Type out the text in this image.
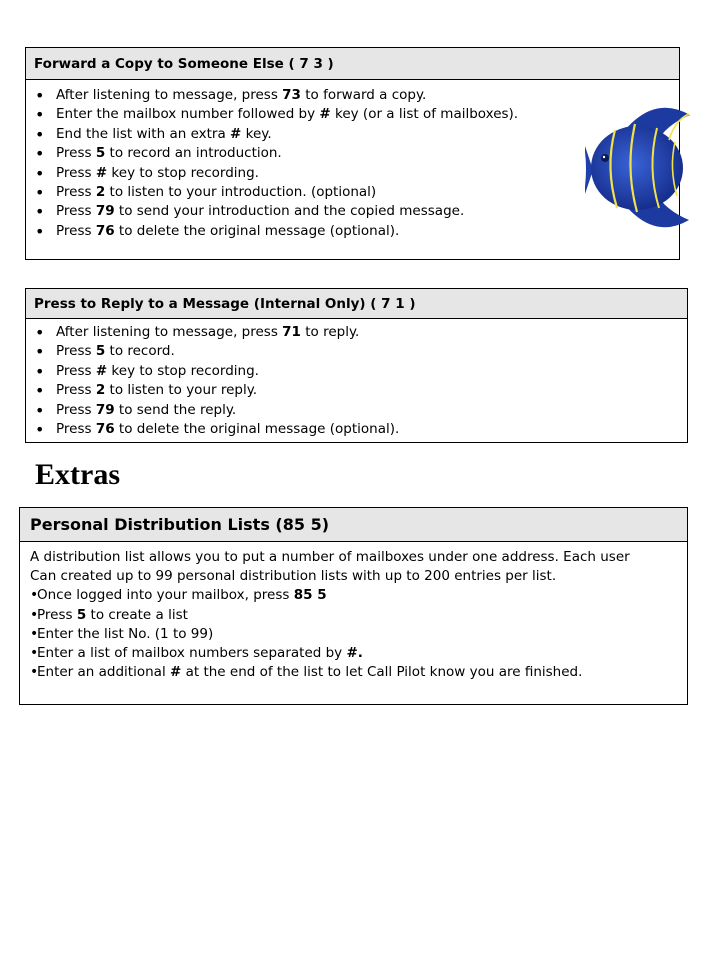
Forward a Copy to Someone Else ( 7 3 )
• After listening to message, press 73 to forward a copy.
• Enter the mailbox number followed by # key (or a list of mailboxes).
• End the list with an extra # key.
• Press 5 to record an introduction.
• Press # key to stop recording.
• Press 2 to listen to your introduction. (optional)
• Press 79 to send your introduction and the copied message.
• Press 76 to delete the original message (optional).
Press to Reply to a Message (Internal Only) ( 7 1 )
• After listening to message, press 71 to reply.
• Press 5 to record.
• Press # key to stop recording.
• Press 2 to listen to your reply.
• Press 79 to send the reply.
• Press 76 to delete the original message (optional).
Extras
Personal Distribution Lists (85 5)
A distribution list allows you to put a number of mailboxes under one address. Each user
Can created up to 99 personal distribution lists with up to 200 entries per list.
• Once logged into your mailbox, press 85 5
• Press 5 to create a list
• Enter the list No. (1 to 99)
• Enter a list of mailbox numbers separated by #.
• Enter an additional # at the end of the list to let Call Pilot know you are finished.
